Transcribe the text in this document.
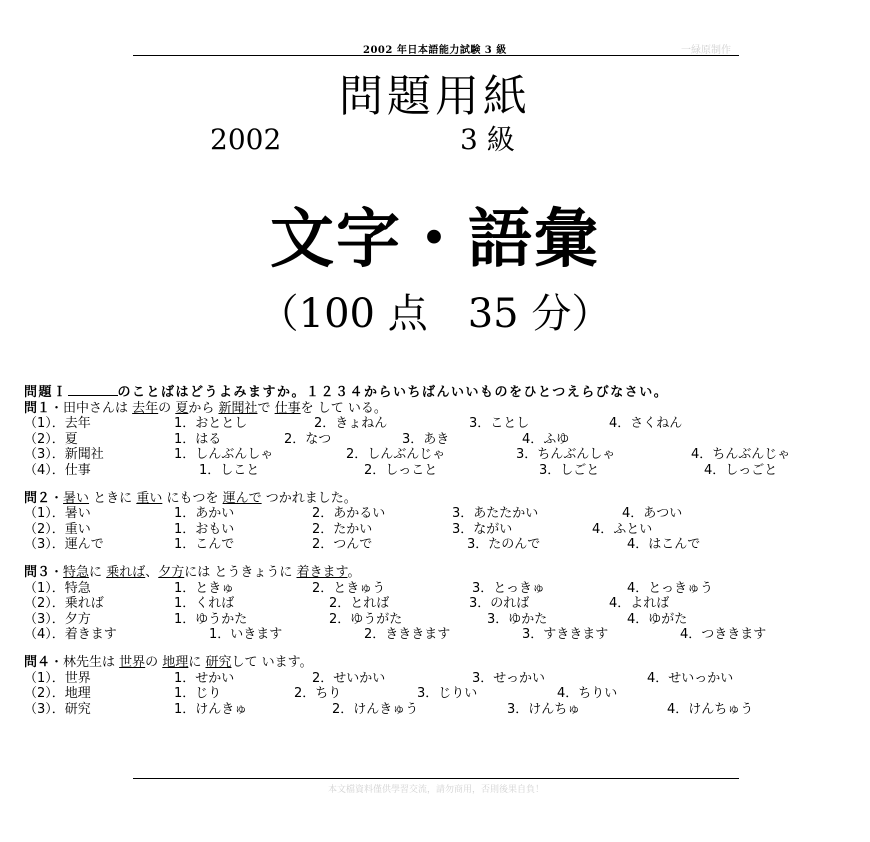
2002 年日本語能力試験 3 級	一緑原制作
問題用紙
2002	3 級
文字・語彙
（100 点　35 分）

問題Ｉ	のことばはどうよみますか。１２３４からいちばんいいものをひとつえらびなさい。

問１・田中さんは 去年の 夏から 新聞社で 仕事を して いる。
（1）．去年	1．おととし	2．きょねん	3．ことし	4．さくねん
（2）．夏	1．はる	2．なつ	3．あき	4．ふゆ
（3）．新聞社	1．しんぶんしゃ	2．しんぶんじゃ	3．ちんぶんしゃ	4．ちんぶんじゃ
（4）．仕事	1．しこと	2．しっこと	3．しごと	4．しっごと
問２・暑い ときに 重い にもつを 運んで つかれました。
（1）．暑い	1．あかい	2．あかるい	3．あたたかい	4．あつい
（2）．重い	1．おもい	2．たかい	3．ながい	4．ふとい
（3）．運んで	1．こんで	2．つんで	3．たのんで	4．はこんで
問３・特急に 乗れば、夕方には とうきょうに 着きます。
（1）．特急	1．ときゅ	2．ときゅう	3．とっきゅ	4．とっきゅう
（2）．乗れば	1．くれば	2．とれば	3．のれば	4．よれば
（3）．夕方	1．ゆうかた	2．ゆうがた	3．ゆかた	4．ゆがた
（4）．着きます	1．いきます	2．きききます	3．すききます	4．つききます
問４・林先生は 世界の 地理に 研究して います。
（1）．世界	1．せかい	2．せいかい	3．せっかい	4．せいっかい
（2）．地理	1．じり	2．ちり	3．じりい	4．ちりい
（3）．研究	1．けんきゅ	2．けんきゅう	3．けんちゅ	4．けんちゅう
本文檔資料僅供學習交流，請勿商用，否則後果自負！
